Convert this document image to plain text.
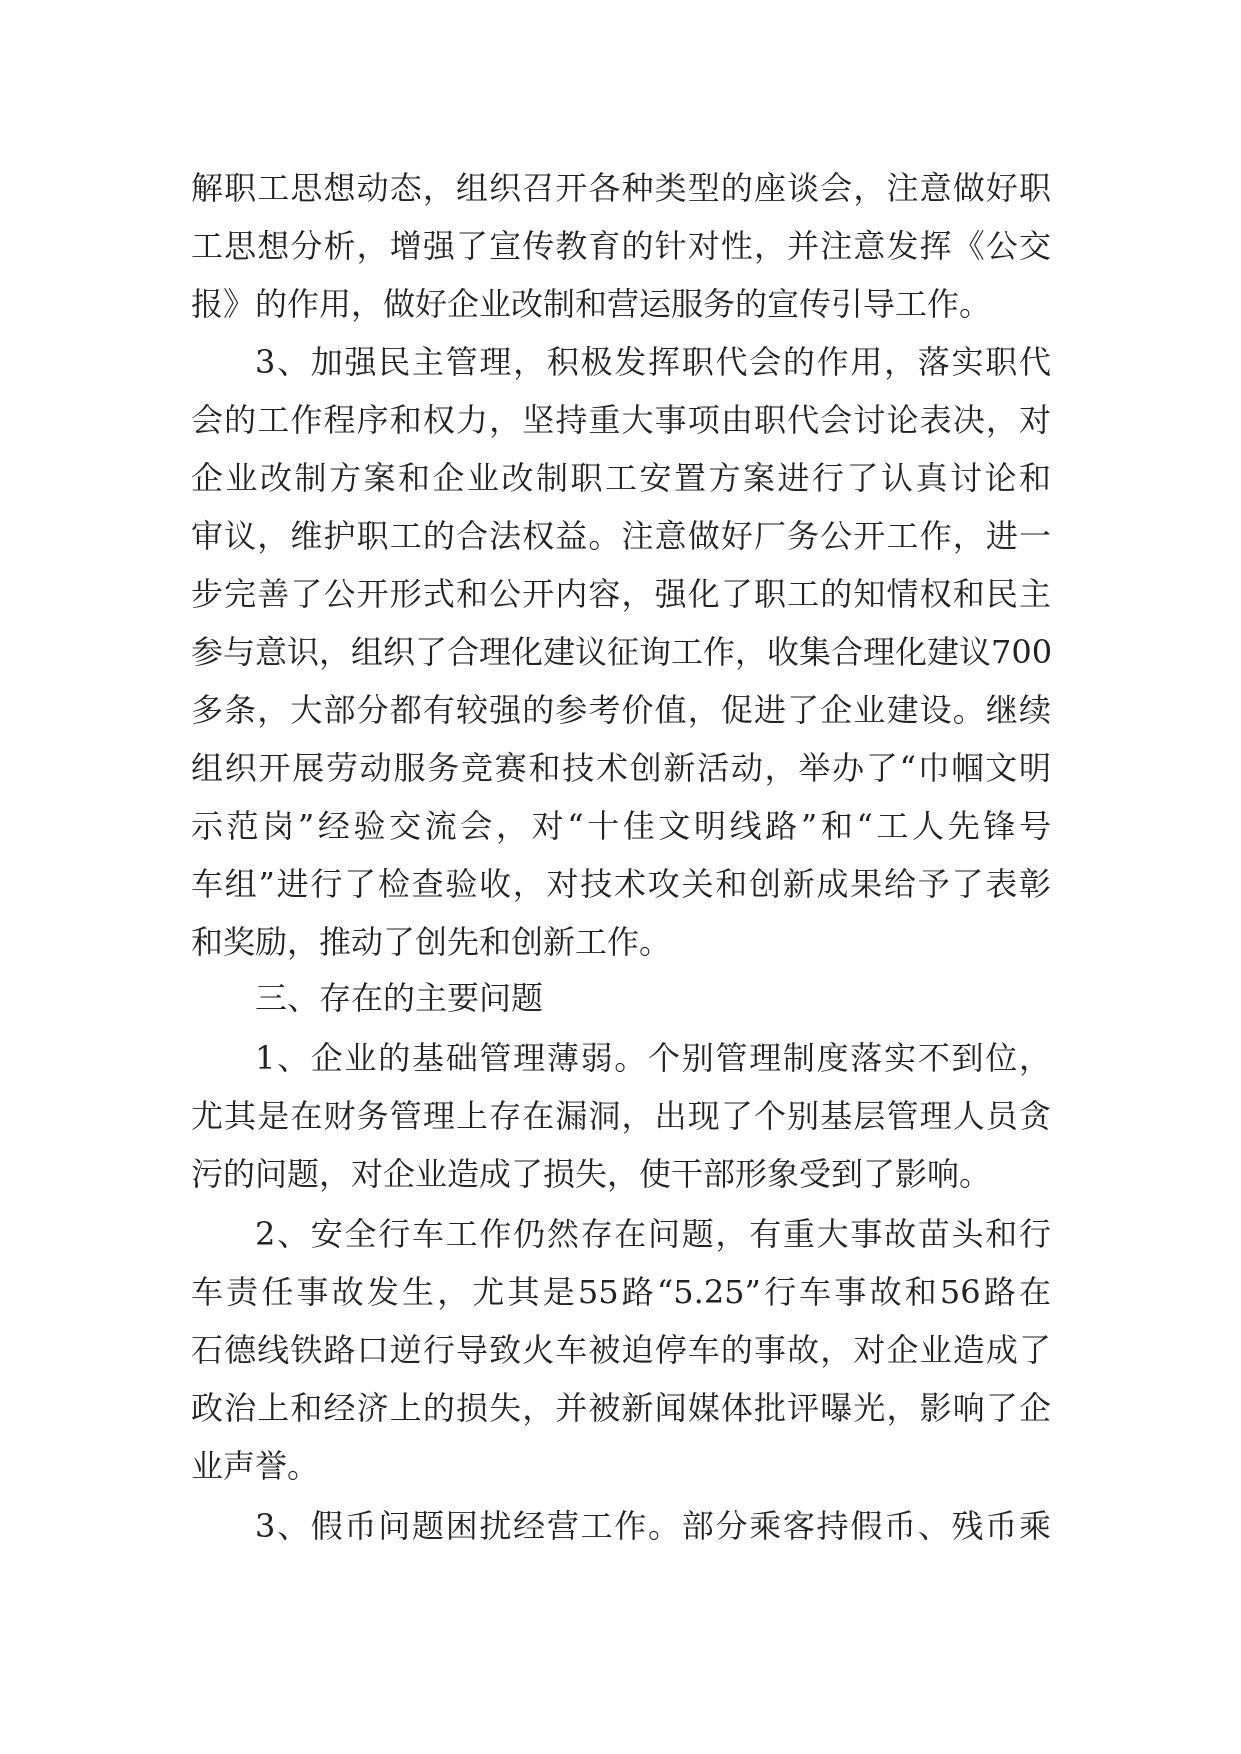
解职工思想动态，组织召开各种类型的座谈会，注意做好职
工思想分析，增强了宣传教育的针对性，并注意发挥《公交
报》的作用，做好企业改制和营运服务的宣传引导工作。
3、加强民主管理，积极发挥职代会的作用，落实职代
会的工作程序和权力，坚持重大事项由职代会讨论表决，对
企业改制方案和企业改制职工安置方案进行了认真讨论和
审议，维护职工的合法权益。注意做好厂务公开工作，进一
步完善了公开形式和公开内容，强化了职工的知情权和民主
参与意识，组织了合理化建议征询工作，收集合理化建议700
多条，大部分都有较强的参考价值，促进了企业建设。继续
组织开展劳动服务竞赛和技术创新活动，举办了“巾帼文明
示范岗”经验交流会，对“十佳文明线路”和“工人先锋号
车组”进行了检查验收，对技术攻关和创新成果给予了表彰
和奖励，推动了创先和创新工作。
三、存在的主要问题
1、企业的基础管理薄弱。个别管理制度落实不到位，
尤其是在财务管理上存在漏洞，出现了个别基层管理人员贪
污的问题，对企业造成了损失，使干部形象受到了影响。
2、安全行车工作仍然存在问题，有重大事故苗头和行
车责任事故发生，尤其是55路“5.25”行车事故和56路在
石德线铁路口逆行导致火车被迫停车的事故，对企业造成了
政治上和经济上的损失，并被新闻媒体批评曝光，影响了企
业声誉。
3、假币问题困扰经营工作。部分乘客持假币、残币乘
